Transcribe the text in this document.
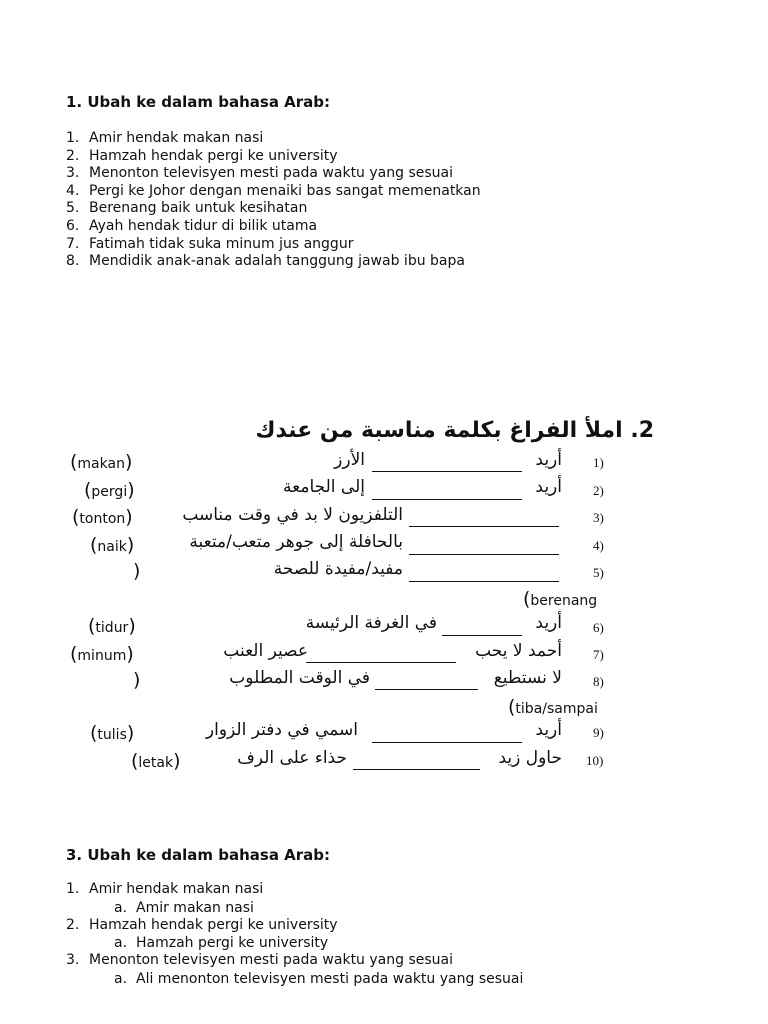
1. Ubah ke dalam bahasa Arab:
1. Amir hendak makan nasi
2. Hamzah hendak pergi ke university
3. Menonton televisyen mesti pada waktu yang sesuai
4. Pergi ke Johor dengan menaiki bas sangat memenatkan
5. Berenang baik untuk kesihatan
6. Ayah hendak tidur di bilik utama
7. Fatimah tidak suka minum jus anggur
8. Mendidik anak-anak adalah tanggung jawab ibu bapa
2. املأ الفراغ بكلمة مناسبة من عندك
(1
أريد
الأرز
(makan)
(2
أريد
إلى الجامعة
(pergi)
(3
التلفزيون لا بد في وقت مناسب
(tonton)
(4
بالحافلة إلى جوهر متعب/متعبة
(naik)
(5
مفيد/مفيدة للصحة
)
(berenang
(6
أريد
في الغرفة الرئيسة
(tidur)
(7
أحمد لا يحب
عصير العنب
(minum)
(8
لا نستطيع
في الوقت المطلوب
)
(tiba/sampai
(9
أريد
اسمي في دفتر الزوار
(tulis)
(10
حاول زيد
حذاء على الرف
(letak)
3. Ubah ke dalam bahasa Arab:
1. Amir hendak makan nasi
a. Amir makan nasi
2. Hamzah hendak pergi ke university
a. Hamzah pergi ke university
3. Menonton televisyen mesti pada waktu yang sesuai
a. Ali menonton televisyen mesti pada waktu yang sesuai
